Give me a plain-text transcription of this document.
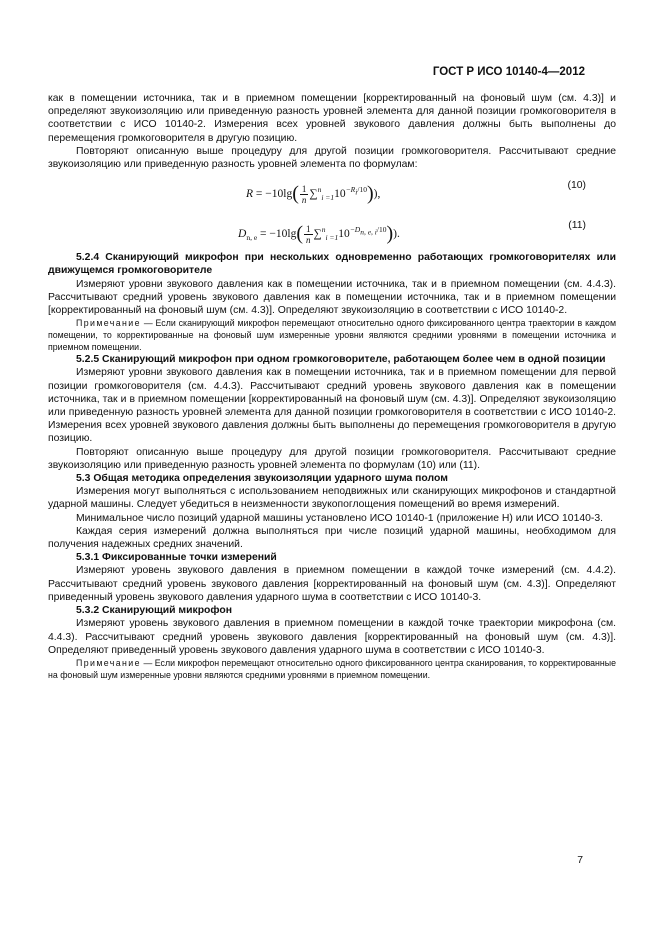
ГОСТ Р ИСО 10140-4—2012

как в помещении источника, так и в приемном помещении [корректированный на фоновый шум (см. 4.3)] и определяют звукоизоляцию или приведенную разность уровней элемента для данной позиции громкоговорителя в соответствии с ИСО 10140-2. Измерения всех уровней звукового давления должны быть выполнены до перемещения громкоговорителя в другую позицию.

Повторяют описанную выше процедуру для другой позиции громкоговорителя. Рассчитывают средние звукоизоляцию или приведенную разность уровней элемента по формулам:

$R = -10\lg( \frac{1}{n} \sum^n_{i =1}10^{-R_i/10})$),
(10)
$D_{n, e} = -10\lg( \frac{1}{n} \sum^n_{i =1}10^{-D_{n, e, i}/10})$).
(11)

5.2.4 Сканирующий микрофон при нескольких одновременно работающих громкоговорителях или движущемся громкоговорителе

Измеряют уровни звукового давления как в помещении источника, так и в приемном помещении (см. 4.4.3). Рассчитывают средний уровень звукового давления как в помещении источника, так и в приемном помещении [корректированный на фоновый шум (см. 4.3)]. Определяют звукоизоляцию в соответствии с ИСО 10140-2.

Примечание — Если сканирующий микрофон перемещают относительно одного фиксированного центра траектории в каждом помещении, то корректированные на фоновый шум измеренные уровни являются средними уровнями в помещении источника и приемном помещении.

5.2.5 Сканирующий микрофон при одном громкоговорителе, работающем более чем в одной позиции

Измеряют уровни звукового давления как в помещении источника, так и в приемном помещении для первой позиции громкоговорителя (см. 4.4.3). Рассчитывают средний уровень звукового давления как в помещении источника, так и в приемном помещении [корректированный на фоновый шум (см. 4.3)]. Определяют звукоизоляцию или приведенную разность уровней элемента для данной позиции громкоговорителя в соответствии с ИСО 10140-2. Измерения всех уровней звукового давления должны быть выполнены до перемещения громкоговорителя в другую позицию.

Повторяют описанную выше процедуру для другой позиции громкоговорителя. Рассчитывают средние звукоизоляцию или приведенную разность уровней элемента по формулам (10) или (11).

5.3 Общая методика определения звукоизоляции ударного шума полом

Измерения могут выполняться с использованием неподвижных или сканирующих микрофонов и стандартной ударной машины. Следует убедиться в неизменности звукопоглощения помещений во время измерений.

Минимальное число позиций ударной машины установлено ИСО 10140-1 (приложение Н) или ИСО 10140-3.

Каждая серия измерений должна выполняться при числе позиций ударной машины, необходимом для получения надежных средних значений.

5.3.1 Фиксированные точки измерений

Измеряют уровень звукового давления в приемном помещении в каждой точке измерений (см. 4.4.2). Рассчитывают средний уровень звукового давления [корректированный на фоновый шум (см. 4.3)]. Определяют приведенный уровень звукового давления ударного шума в соответствии с ИСО 10140-3.

5.3.2 Сканирующий микрофон

Измеряют уровень звукового давления в приемном помещении в каждой точке траектории микрофона (см. 4.4.3). Рассчитывают средний уровень звукового давления [корректированный на фоновый шум (см. 4.3)]. Определяют приведенный уровень звукового давления ударного шума в соответствии с ИСО 10140-3.

Примечание — Если микрофон перемещают относительно одного фиксированного центра сканирования, то корректированные на фоновый шум измеренные уровни являются средними уровнями в приемном помещении.

7
